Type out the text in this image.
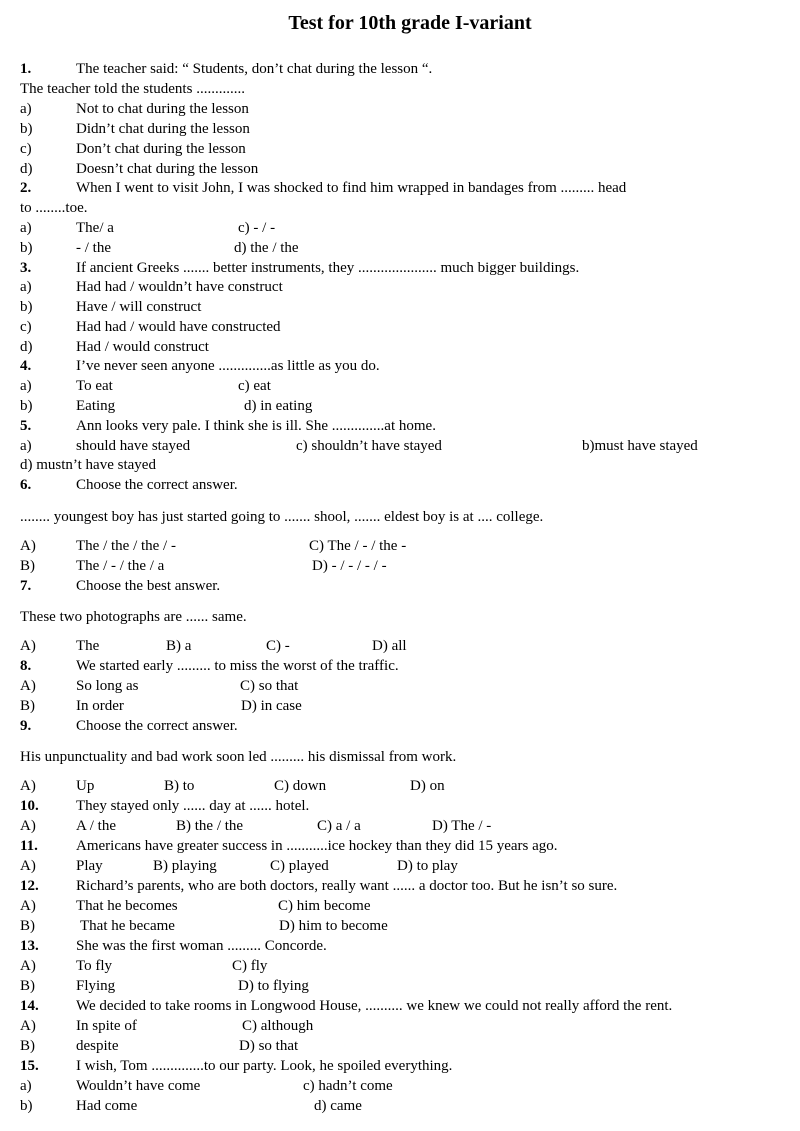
Test for 10th grade I-variant
1.	The teacher said: “ Students, don’t chat during the lesson “.
The teacher told the students .............
a)	Not to chat during the lesson
b)	Didn’t chat during the lesson
c)	Don’t chat during the lesson
d)	Doesn’t chat during the lesson
2.	When I went to visit John, I was shocked to find him wrapped in bandages from ......... head
to ........toe.
a)	The/ a	c) - / -
b)	- / the	d) the / the
3.	If ancient Greeks ....... better instruments, they ..................... much bigger buildings.
a)	Had had / wouldn’t have construct
b)	Have / will construct
c)	Had had / would have constructed
d)	Had / would construct
4.	I’ve never seen anyone ..............as little as you do.
a)	To eat	c) eat
b)	Eating	d) in eating
5.	Ann looks very pale. I think she is ill. She ..............at home.
a)	should have stayed	c) shouldn’t have stayed	b)must have stayed
d) mustn’t have stayed
6.	Choose the correct answer.
........ youngest boy has just started going to ....... shool, ....... eldest boy is at .... college.
A)	The / the / the / -	C) The / - / the -
B)	The / - / the / a	D) - / - / - / -
7.	Choose the best answer.
These two photographs are ...... same.
A)	The	B) a	C) -	D) all
8.	We started early ......... to miss the worst of the traffic.
A)	So long as	C) so that
B)	In order	D) in case
9.	Choose the correct answer.
His unpunctuality and bad work soon led ......... his dismissal from work.
A)	Up	B) to	C) down	D) on
10. They stayed only ...... day at ...... hotel.
A)	A / the	B) the / the	C) a / a	D) The / -
11.	Americans have greater success in ...........ice hockey than they did 15 years ago.
A)	Play	B) playing	C) played	D) to play
12. Richard’s parents, who are both doctors, really want ...... a doctor too. But he isn’t so sure.
A)	That he becomes	C) him become
B)	That he became	D) him to become
13. She was the first woman ......... Concorde.
A)	To fly	C) fly
B)	Flying	D) to flying
14. We decided to take rooms in Longwood House, .......... we knew we could not really afford the rent.
A)	In spite of	C) although
B)	despite	D) so that
15. I wish, Tom ..............to our party. Look, he spoiled everything.
a)	Wouldn’t have come	c) hadn’t come
b)	Had come	d) came
